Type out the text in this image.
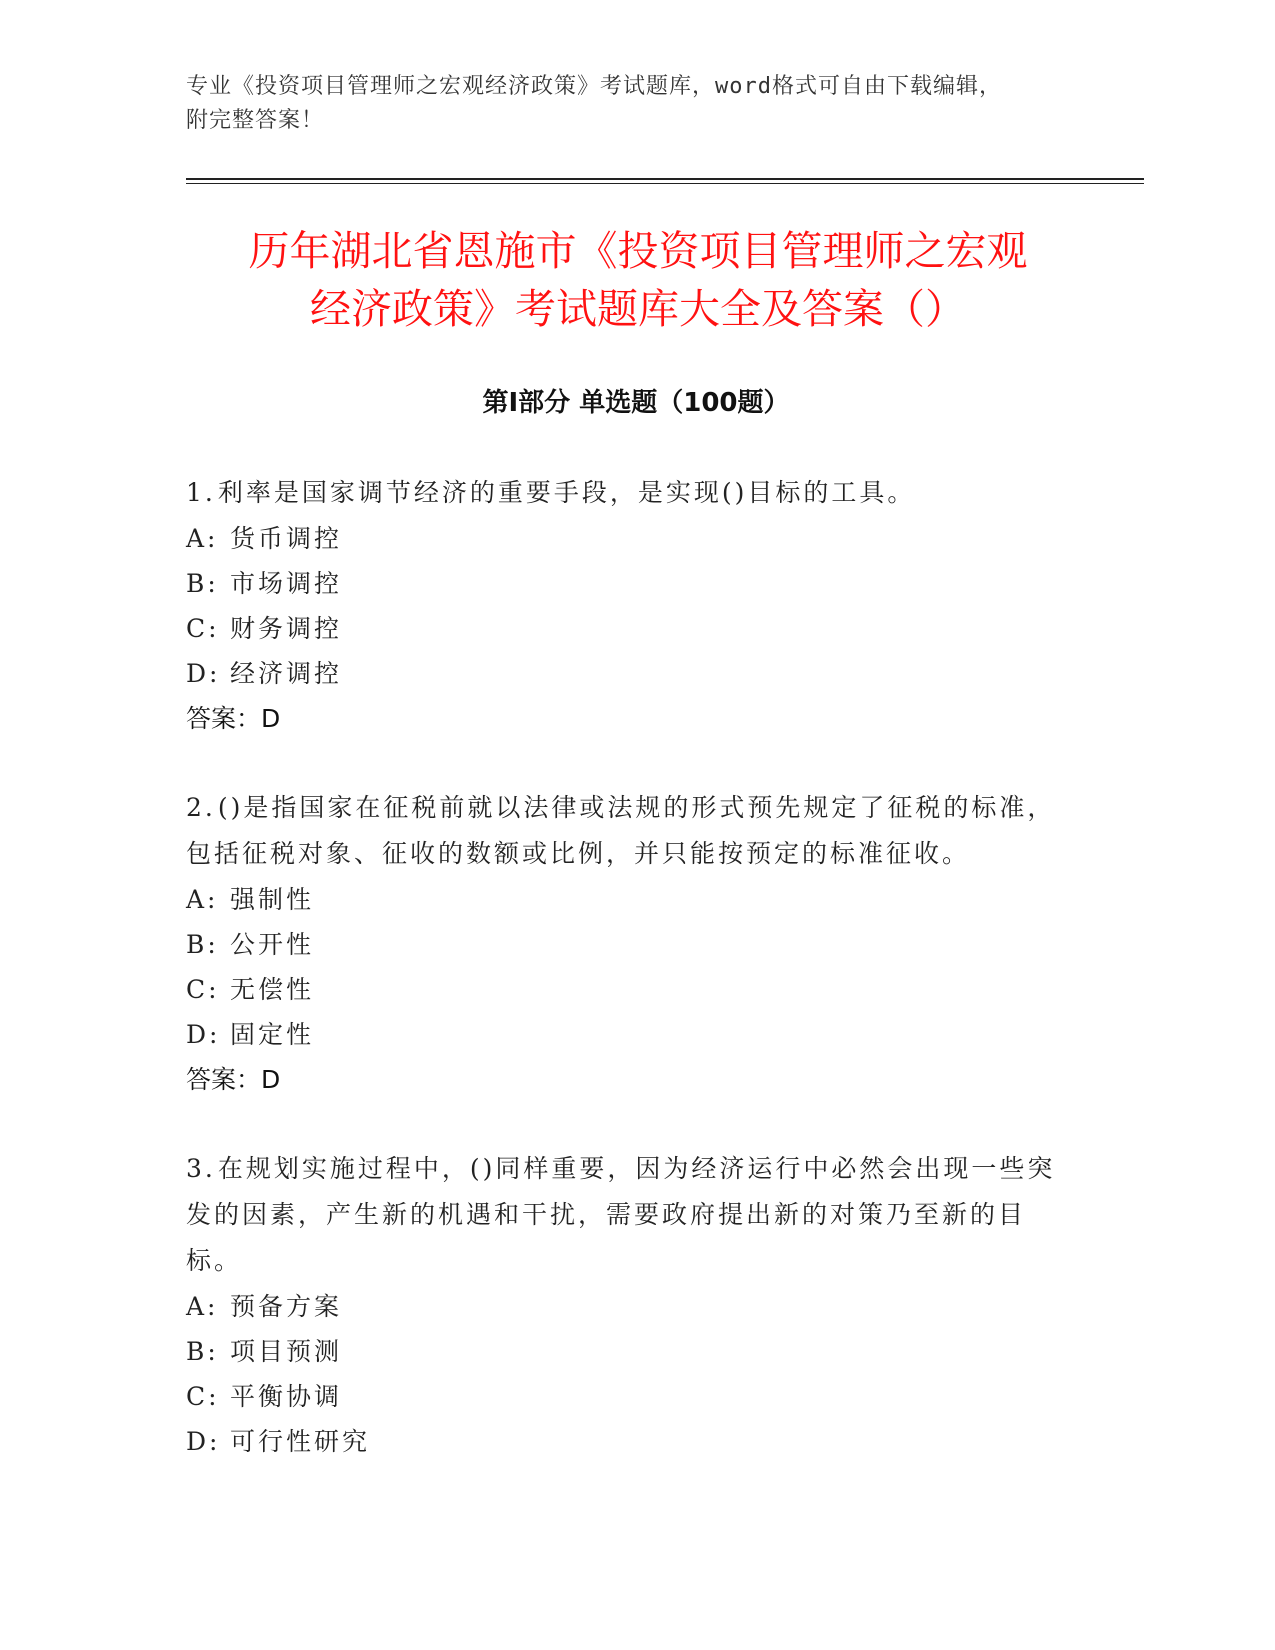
专业《投资项目管理师之宏观经济政策》考试题库，word格式可自由下载编辑，
附完整答案！
历年湖北省恩施市《投资项目管理师之宏观
经济政策》考试题库大全及答案（）
第Ⅰ部分 单选题（100题）
1.利率是国家调节经济的重要手段，是实现()目标的工具。
A: 货币调控
B: 市场调控
C: 财务调控
D: 经济调控
答案：D
2.()是指国家在征税前就以法律或法规的形式预先规定了征税的标准，包括征税对象、征收的数额或比例，并只能按预定的标准征收。
A: 强制性
B: 公开性
C: 无偿性
D: 固定性
答案：D
3.在规划实施过程中，()同样重要，因为经济运行中必然会出现一些突发的因素，产生新的机遇和干扰，需要政府提出新的对策乃至新的目标。
A: 预备方案
B: 项目预测
C: 平衡协调
D: 可行性研究
